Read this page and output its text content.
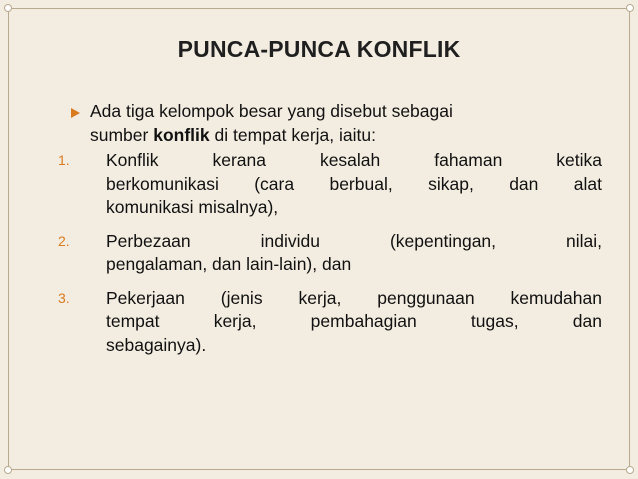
PUNCA-PUNCA KONFLIK
Ada tiga kelompok besar yang disebut sebagai
sumber konflik di tempat kerja, iaitu:
1. Konflik kerana kesalah fahaman ketika
berkomunikasi (cara berbual, sikap, dan alat
komunikasi misalnya),
2. Perbezaan individu (kepentingan, nilai,
pengalaman, dan lain-lain), dan
3. Pekerjaan (jenis kerja, penggunaan kemudahan
tempat kerja, pembahagian tugas, dan
sebagainya).
